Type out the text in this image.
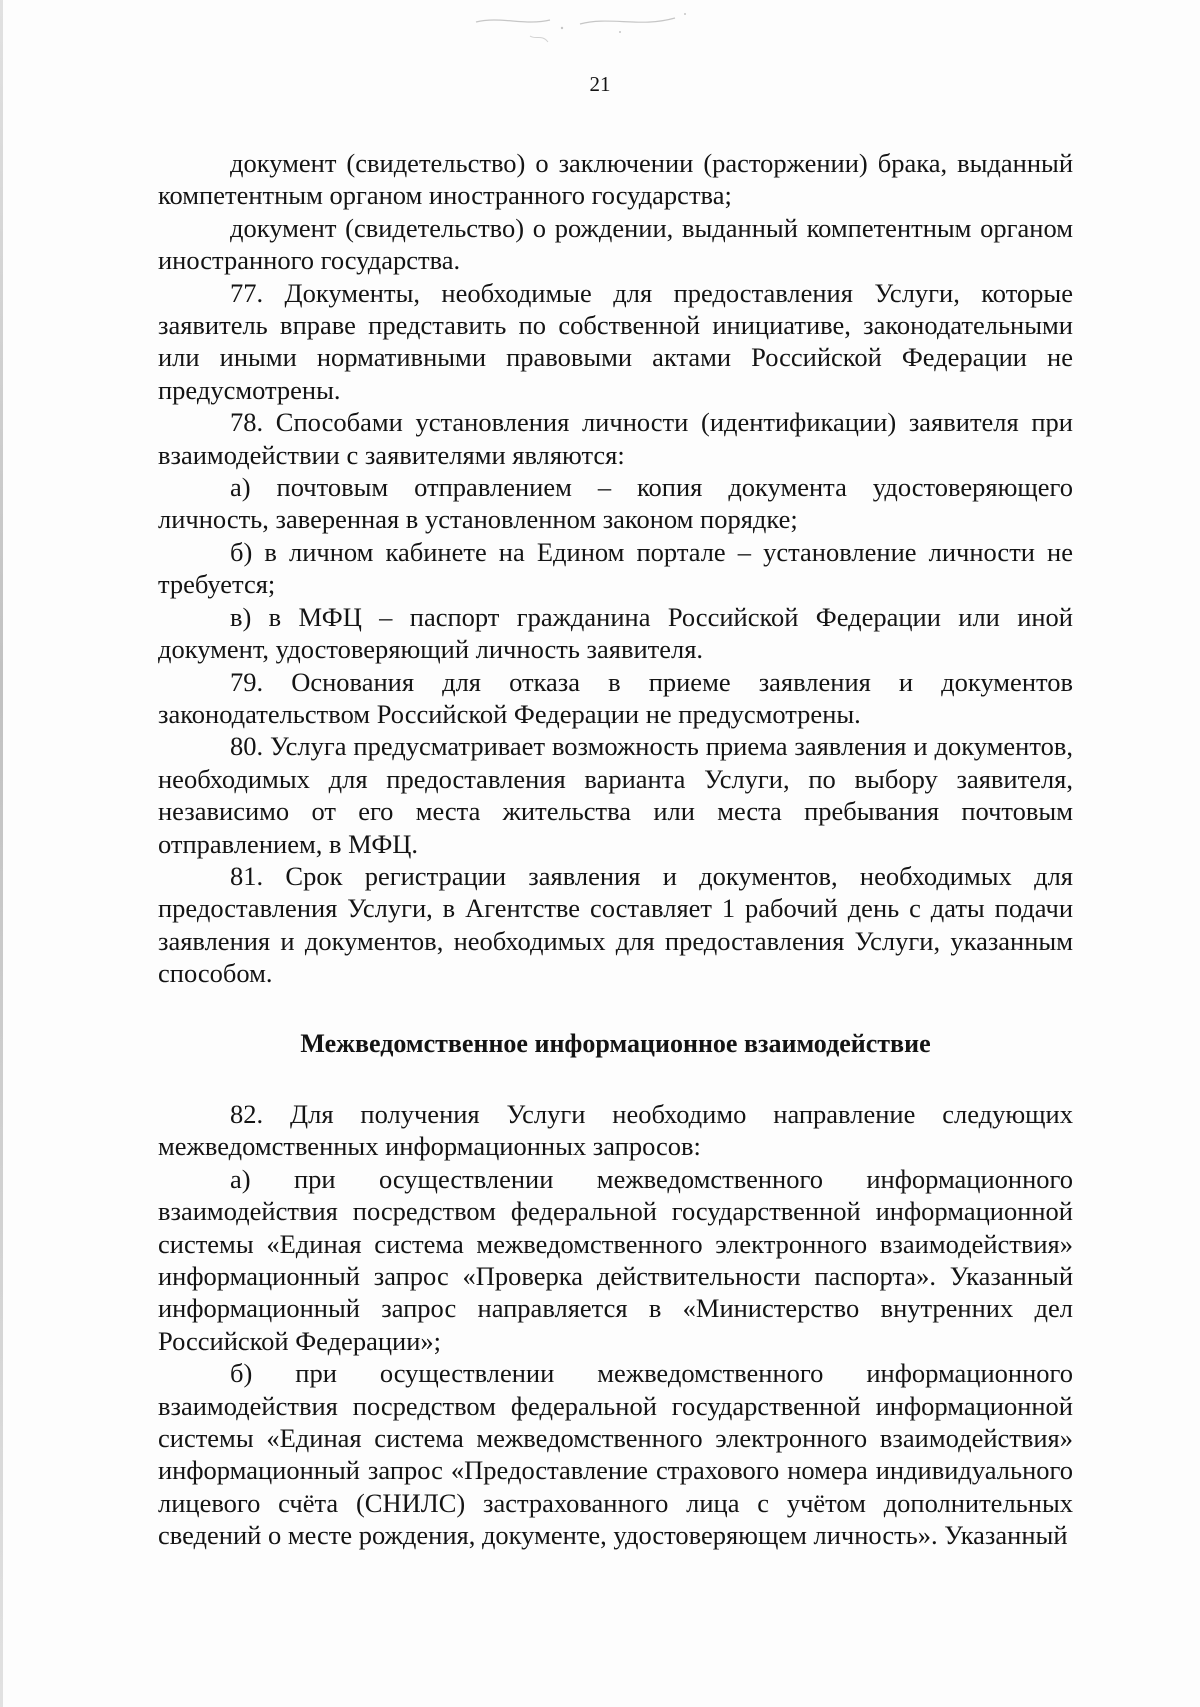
21

документ (свидетельство) о заключении (расторжении) брака, выданный компетентным органом иностранного государства;

документ (свидетельство) о рождении, выданный компетентным органом иностранного государства.

77. Документы, необходимые для предоставления Услуги, которые заявитель вправе представить по собственной инициативе, законодательными или иными нормативными правовыми актами Российской Федерации не предусмотрены.

78. Способами установления личности (идентификации) заявителя при взаимодействии с заявителями являются:

а) почтовым отправлением – копия документа удостоверяющего личность, заверенная в установленном законом порядке;

б) в личном кабинете на Едином портале – установление личности не требуется;

в) в МФЦ – паспорт гражданина Российской Федерации или иной документ, удостоверяющий личность заявителя.

79. Основания для отказа в приеме заявления и документов законодательством Российской Федерации не предусмотрены.

80. Услуга предусматривает возможность приема заявления и документов, необходимых для предоставления варианта Услуги, по выбору заявителя, независимо от его места жительства или места пребывания почтовым отправлением, в МФЦ.

81. Срок регистрации заявления и документов, необходимых для предоставления Услуги, в Агентстве составляет 1 рабочий день с даты подачи заявления и документов, необходимых для предоставления Услуги, указанным способом.

Межведомственное информационное взаимодействие

82. Для получения Услуги необходимо направление следующих межведомственных информационных запросов:

а) при осуществлении межведомственного информационного взаимодействия посредством федеральной государственной информационной системы «Единая система межведомственного электронного взаимодействия» информационный запрос «Проверка действительности паспорта». Указанный информационный запрос направляется в «Министерство внутренних дел Российской Федерации»;

б) при осуществлении межведомственного информационного взаимодействия посредством федеральной государственной информационной системы «Единая система межведомственного электронного взаимодействия» информационный запрос «Предоставление страхового номера индивидуального лицевого счёта (СНИЛС) застрахованного лица с учётом дополнительных сведений о месте рождения, документе, удостоверяющем личность». Указанный
